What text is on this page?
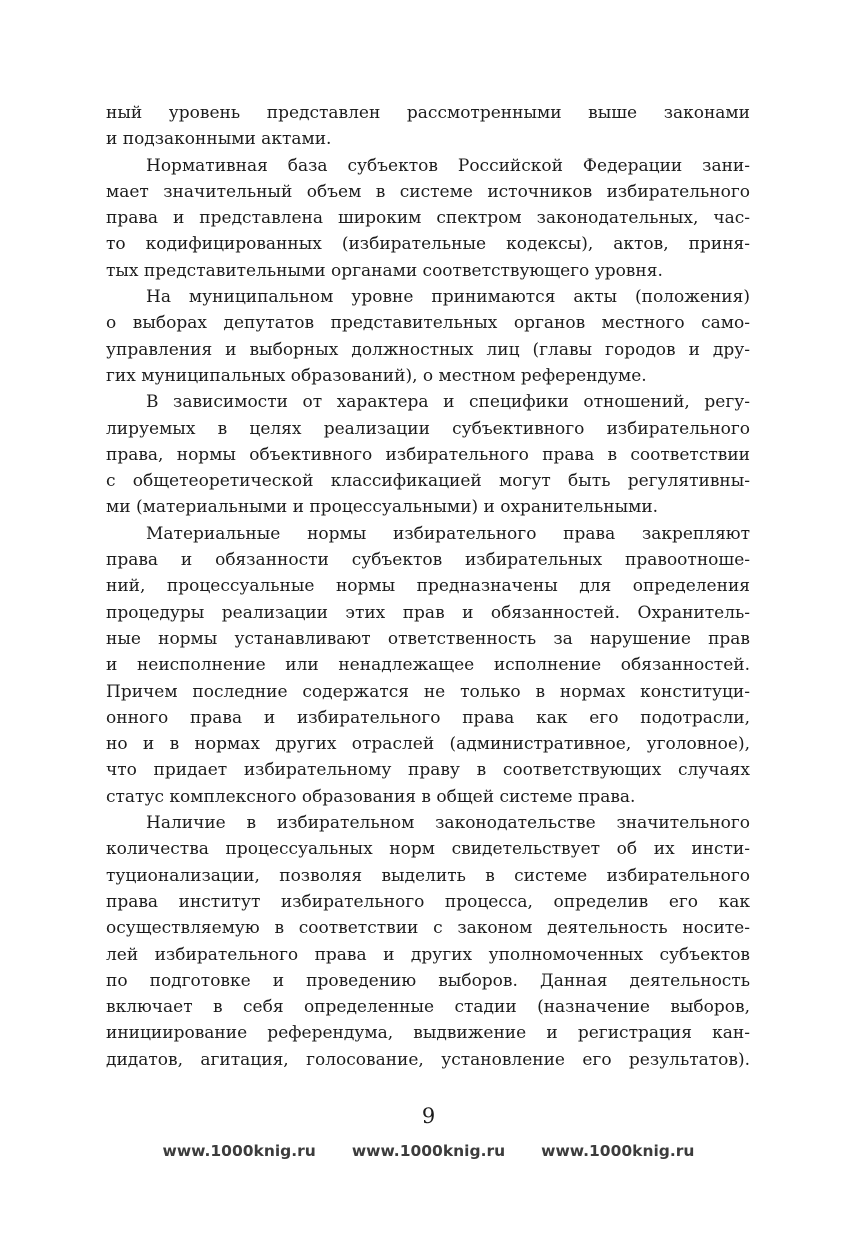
ный уровень представлен рассмотренными выше законами
и подзаконными актами.
Нормативная база субъектов Российской Федерации зани-
мает значительный объем в системе источников избирательного
права и представлена широким спектром законодательных, час-
то кодифицированных (избирательные кодексы), актов, приня-
тых представительными органами соответствующего уровня.
На муниципальном уровне принимаются акты (положения)
о выборах депутатов представительных органов местного само-
управления и выборных должностных лиц (главы городов и дру-
гих муниципальных образований), о местном референдуме.
В зависимости от характера и специфики отношений, регу-
лируемых в целях реализации субъективного избирательного
права, нормы объективного избирательного права в соответствии
с общетеоретической классификацией могут быть регулятивны-
ми (материальными и процессуальными) и охранительными.
Материальные нормы избирательного права закрепляют
права и обязанности субъектов избирательных правоотноше-
ний, процессуальные нормы предназначены для определения
процедуры реализации этих прав и обязанностей. Охранитель-
ные нормы устанавливают ответственность за нарушение прав
и неисполнение или ненадлежащее исполнение обязанностей.
Причем последние содержатся не только в нормах конституци-
онного права и избирательного права как его подотрасли,
но и в нормах других отраслей (административное, уголовное),
что придает избирательному праву в соответствующих случаях
статус комплексного образования в общей системе права.
Наличие в избирательном законодательстве значительного
количества процессуальных норм свидетельствует об их инсти-
туционализации, позволяя выделить в системе избирательного
права институт избирательного процесса, определив его как
осуществляемую в соответствии с законом деятельность носите-
лей избирательного права и других уполномоченных субъектов
по подготовке и проведению выборов. Данная деятельность
включает в себя определенные стадии (назначение выборов,
инициирование референдума, выдвижение и регистрация кан-
дидатов, агитация, голосование, установление его результатов).
9
www.1000knig.ru www.1000knig.ru www.1000knig.ru
